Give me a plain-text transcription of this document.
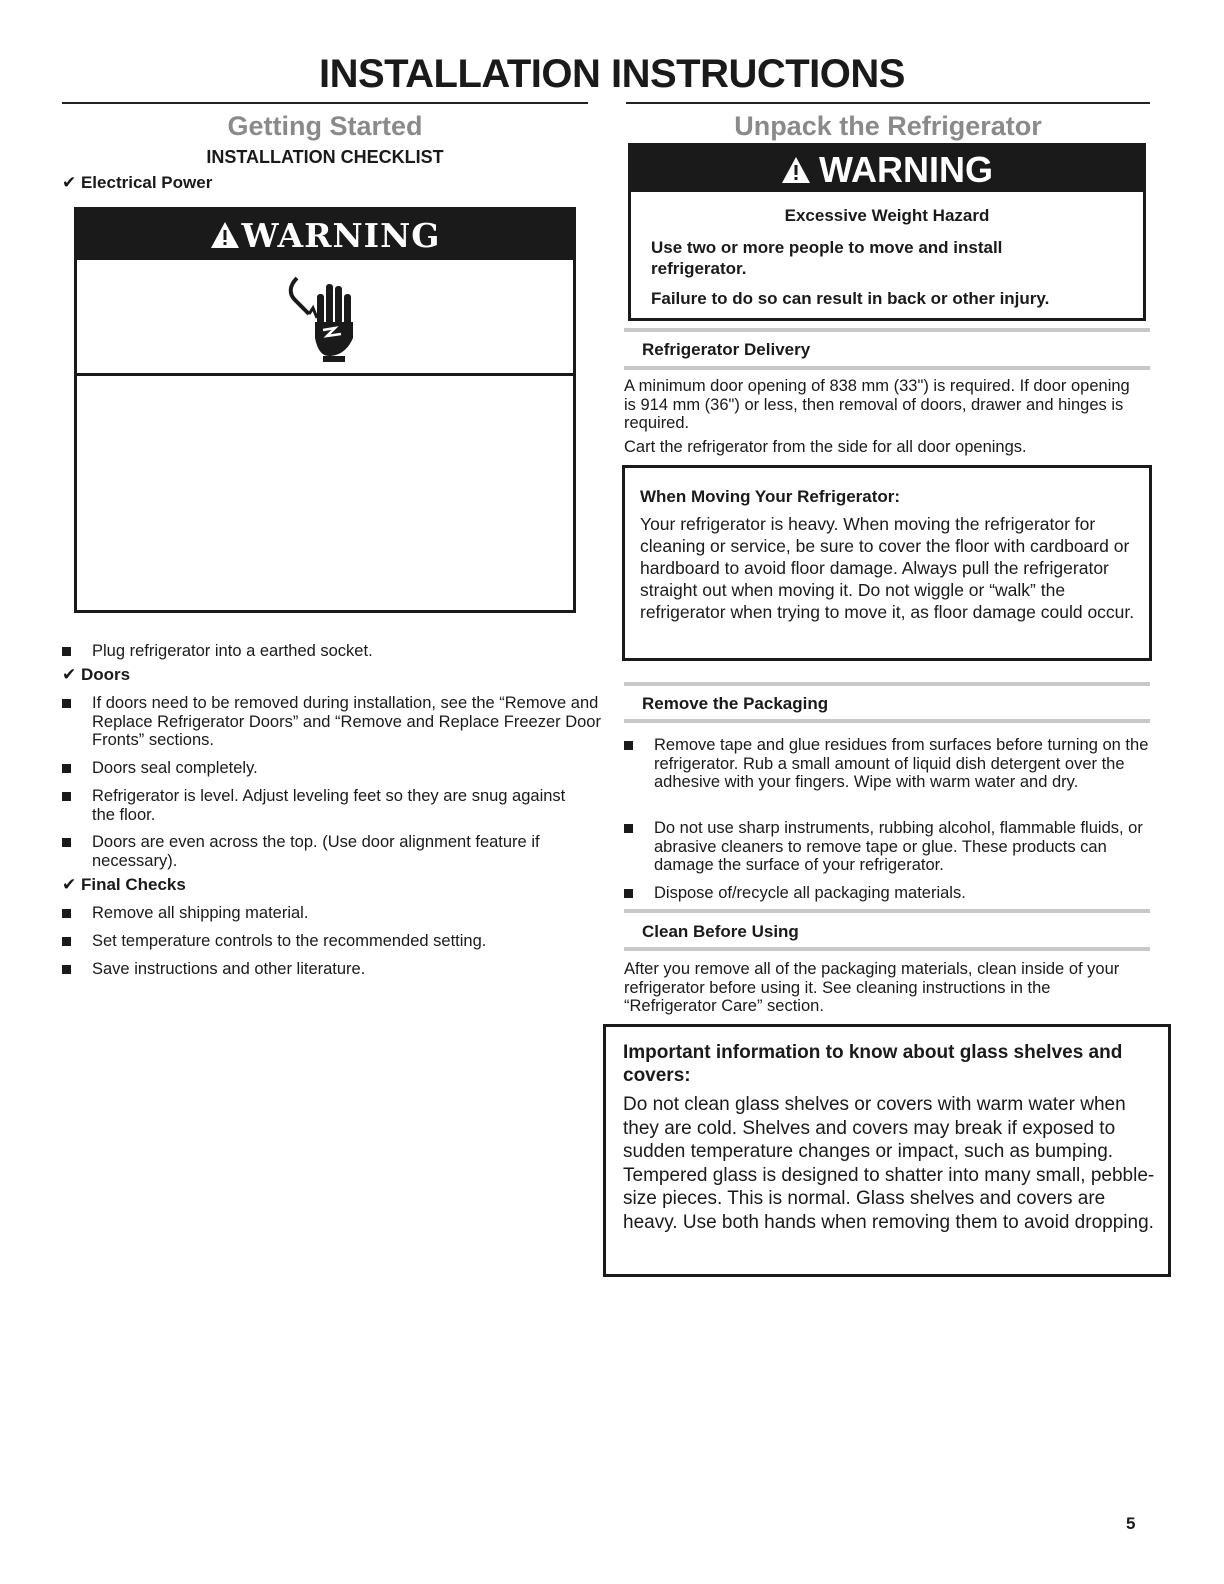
INSTALLATION INSTRUCTIONS
Getting Started
INSTALLATION CHECKLIST
✔ Electrical Power
WARNING
Plug refrigerator into a earthed socket.
✔ Doors
If doors need to be removed during installation, see the “Remove and Replace Refrigerator Doors” and “Remove and Replace Freezer Door Fronts” sections.
Doors seal completely.
Refrigerator is level. Adjust leveling feet so they are snug against the floor.
Doors are even across the top. (Use door alignment feature if necessary).
✔ Final Checks
Remove all shipping material.
Set temperature controls to the recommended setting.
Save instructions and other literature.
Unpack the Refrigerator
WARNING
Excessive Weight Hazard
Use two or more people to move and install refrigerator.
Failure to do so can result in back or other injury.
Refrigerator Delivery
A minimum door opening of 838 mm (33") is required. If door opening is 914 mm (36") or less, then removal of doors, drawer and hinges is required.
Cart the refrigerator from the side for all door openings.
When Moving Your Refrigerator:
Your refrigerator is heavy. When moving the refrigerator for cleaning or service, be sure to cover the floor with cardboard or hardboard to avoid floor damage. Always pull the refrigerator straight out when moving it. Do not wiggle or “walk” the refrigerator when trying to move it, as floor damage could occur.
Remove the Packaging
Remove tape and glue residues from surfaces before turning on the refrigerator. Rub a small amount of liquid dish detergent over the adhesive with your fingers. Wipe with warm water and dry.
Do not use sharp instruments, rubbing alcohol, flammable fluids, or abrasive cleaners to remove tape or glue. These products can damage the surface of your refrigerator.
Dispose of/recycle all packaging materials.
Clean Before Using
After you remove all of the packaging materials, clean inside of your refrigerator before using it. See cleaning instructions in the “Refrigerator Care” section.
Important information to know about glass shelves and covers:
Do not clean glass shelves or covers with warm water when they are cold. Shelves and covers may break if exposed to sudden temperature changes or impact, such as bumping. Tempered glass is designed to shatter into many small, pebble-size pieces. This is normal. Glass shelves and covers are heavy. Use both hands when removing them to avoid dropping.
5
